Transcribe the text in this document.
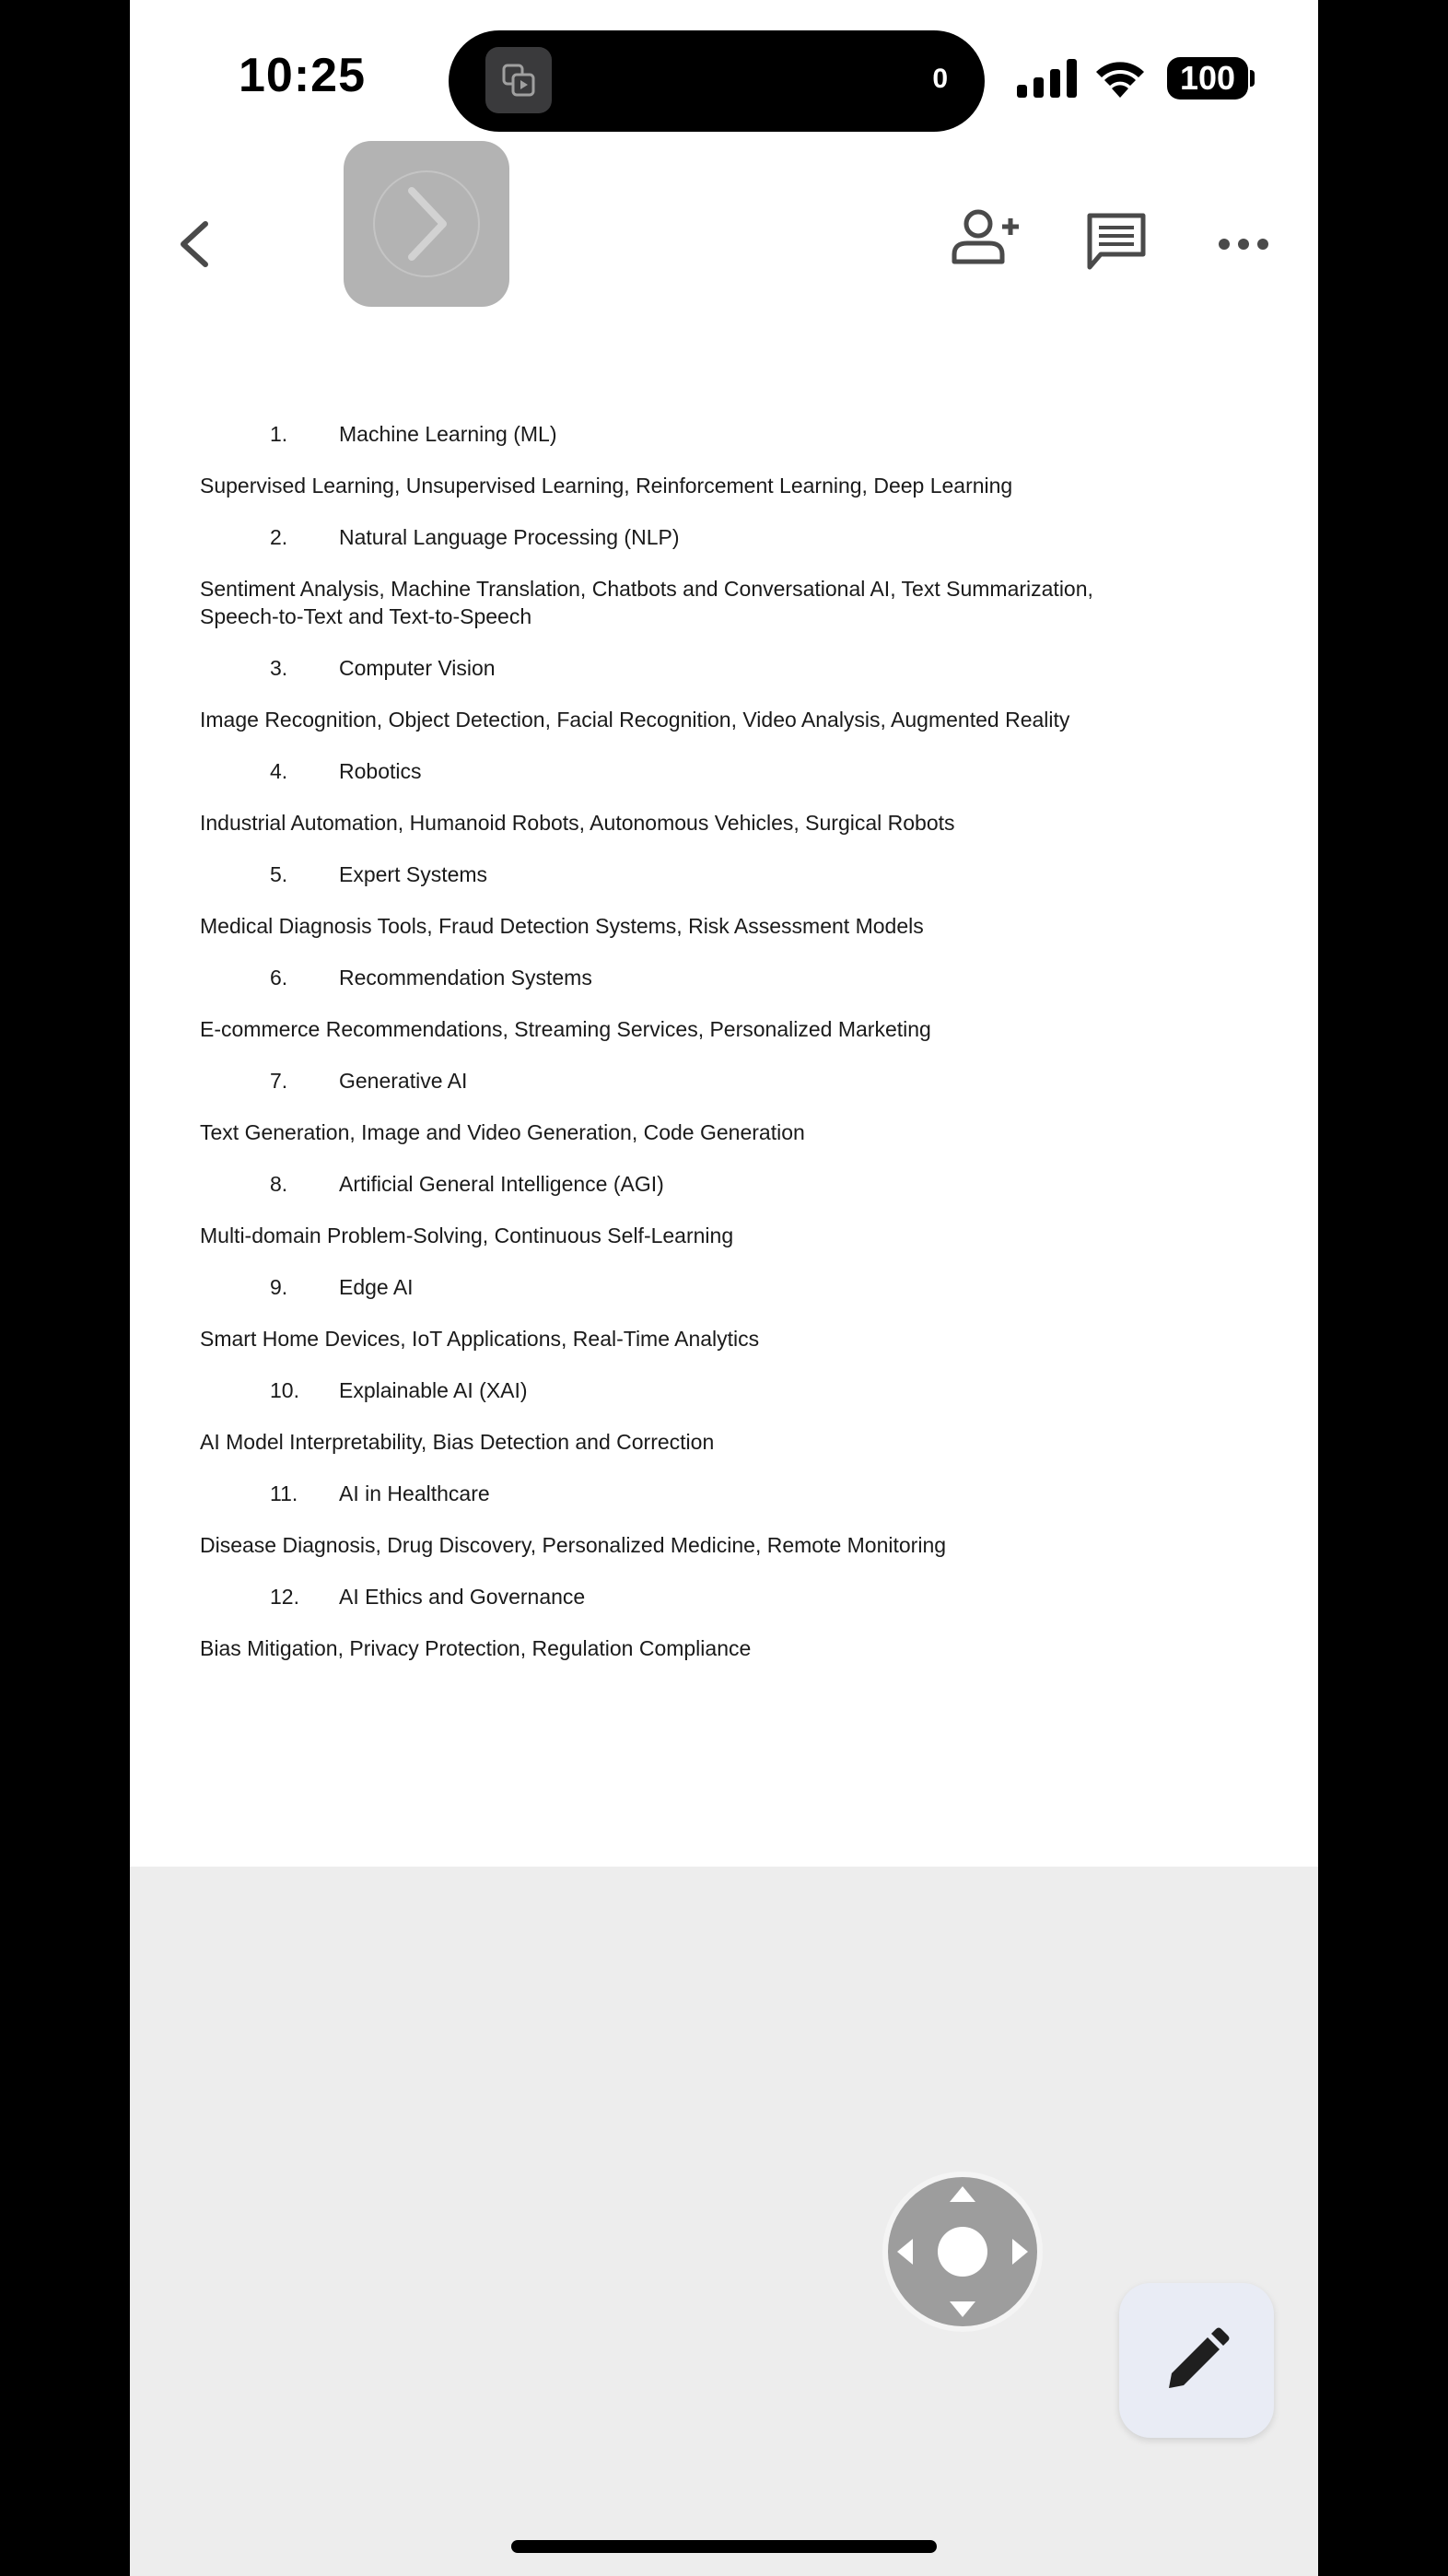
10:25	0	100
1. Machine Learning (ML)
Supervised Learning, Unsupervised Learning, Reinforcement Learning, Deep Learning
2. Natural Language Processing (NLP)
Sentiment Analysis, Machine Translation, Chatbots and Conversational AI, Text Summarization, Speech-to-Text and Text-to-Speech
3. Computer Vision
Image Recognition, Object Detection, Facial Recognition, Video Analysis, Augmented Reality
4. Robotics
Industrial Automation, Humanoid Robots, Autonomous Vehicles, Surgical Robots
5. Expert Systems
Medical Diagnosis Tools, Fraud Detection Systems, Risk Assessment Models
6. Recommendation Systems
E-commerce Recommendations, Streaming Services, Personalized Marketing
7. Generative AI
Text Generation, Image and Video Generation, Code Generation
8. Artificial General Intelligence (AGI)
Multi-domain Problem-Solving, Continuous Self-Learning
9. Edge AI
Smart Home Devices, IoT Applications, Real-Time Analytics
10. Explainable AI (XAI)
AI Model Interpretability, Bias Detection and Correction
11. AI in Healthcare
Disease Diagnosis, Drug Discovery, Personalized Medicine, Remote Monitoring
12. AI Ethics and Governance
Bias Mitigation, Privacy Protection, Regulation Compliance
